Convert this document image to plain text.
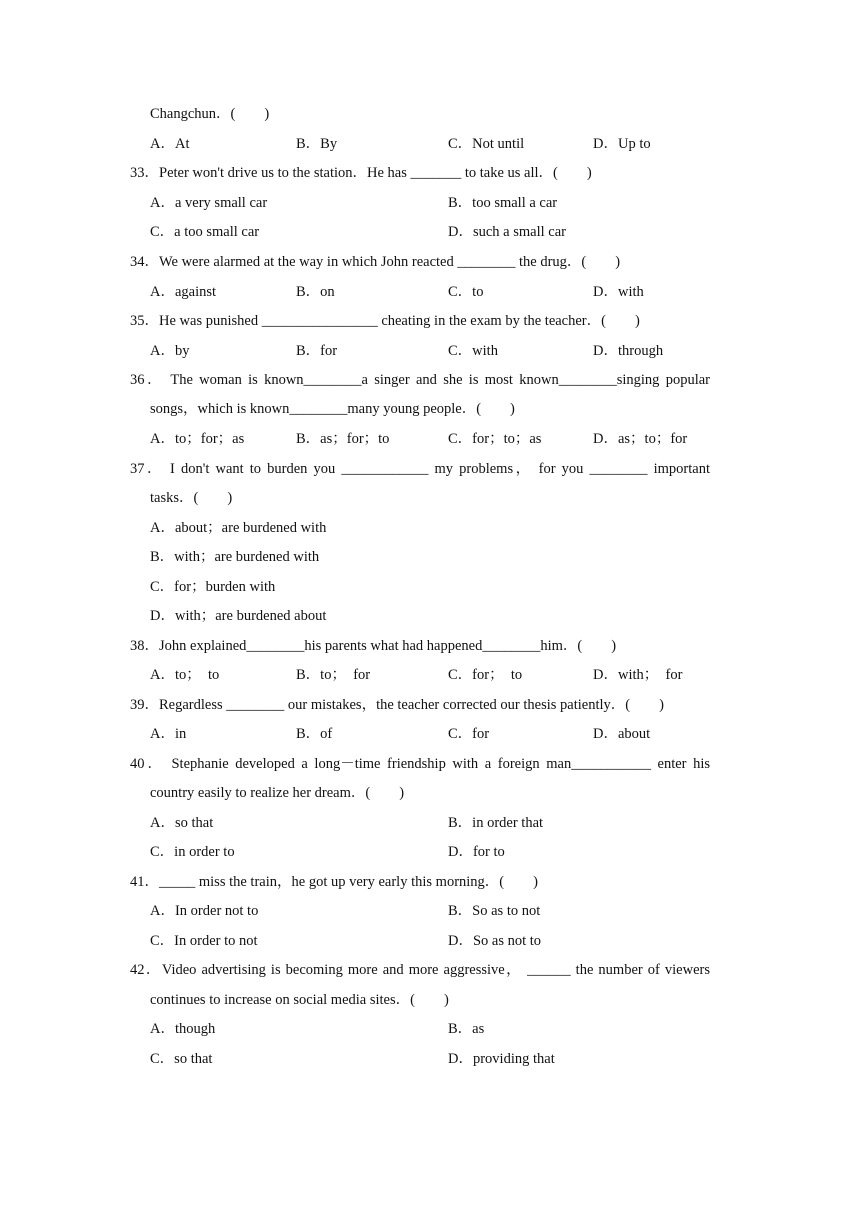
Changchun．(　　)
A．At	B．By	C．Not until	D．Up to
33．Peter won't drive us to the station．He has _______ to take us all．(　　)
A．a very small car	B．too small a car
C．a too small car	D．such a small car
34．We were alarmed at the way in which John reacted ________ the drug．(　　)
A．against	B．on	C．to	D．with
35．He was punished ________________ cheating in the exam by the teacher．(　　)
A．by	B．for	C．with	D．through
36． The woman is known________a singer and she is most known________singing popular
songs，which is known________many young people．(　　)
A．to；for；as	B．as；for；to	C．for；to；as	D．as；to；for
37． I don't want to burden you ____________ my problems， for you ________ important
tasks．(　　)
A．about；are burdened with
B．with；are burdened with
C．for；burden with
D．with；are burdened about
38．John explained________his parents what had happened________him．(　　)
A．to；  to	B．to；  for	C．for；  to	D．with；  for
39．Regardless ________ our mistakes，the teacher corrected our thesis patiently．(　　)
A．in	B．of	C．for	D．about
40． Stephanie developed a long－time friendship with a foreign man___________ enter his
country easily to realize her dream．(　　)
A．so that	B．in order that
C．in order to	D．for to
41．_____ miss the train，he got up very early this morning．(　　)
A．In order not to	B．So as to not
C．In order to not	D．So as not to
42．Video advertising is becoming more and more aggressive， ______ the number of viewers
continues to increase on social media sites．(　　)
A．though	B．as
C．so that	D．providing that
